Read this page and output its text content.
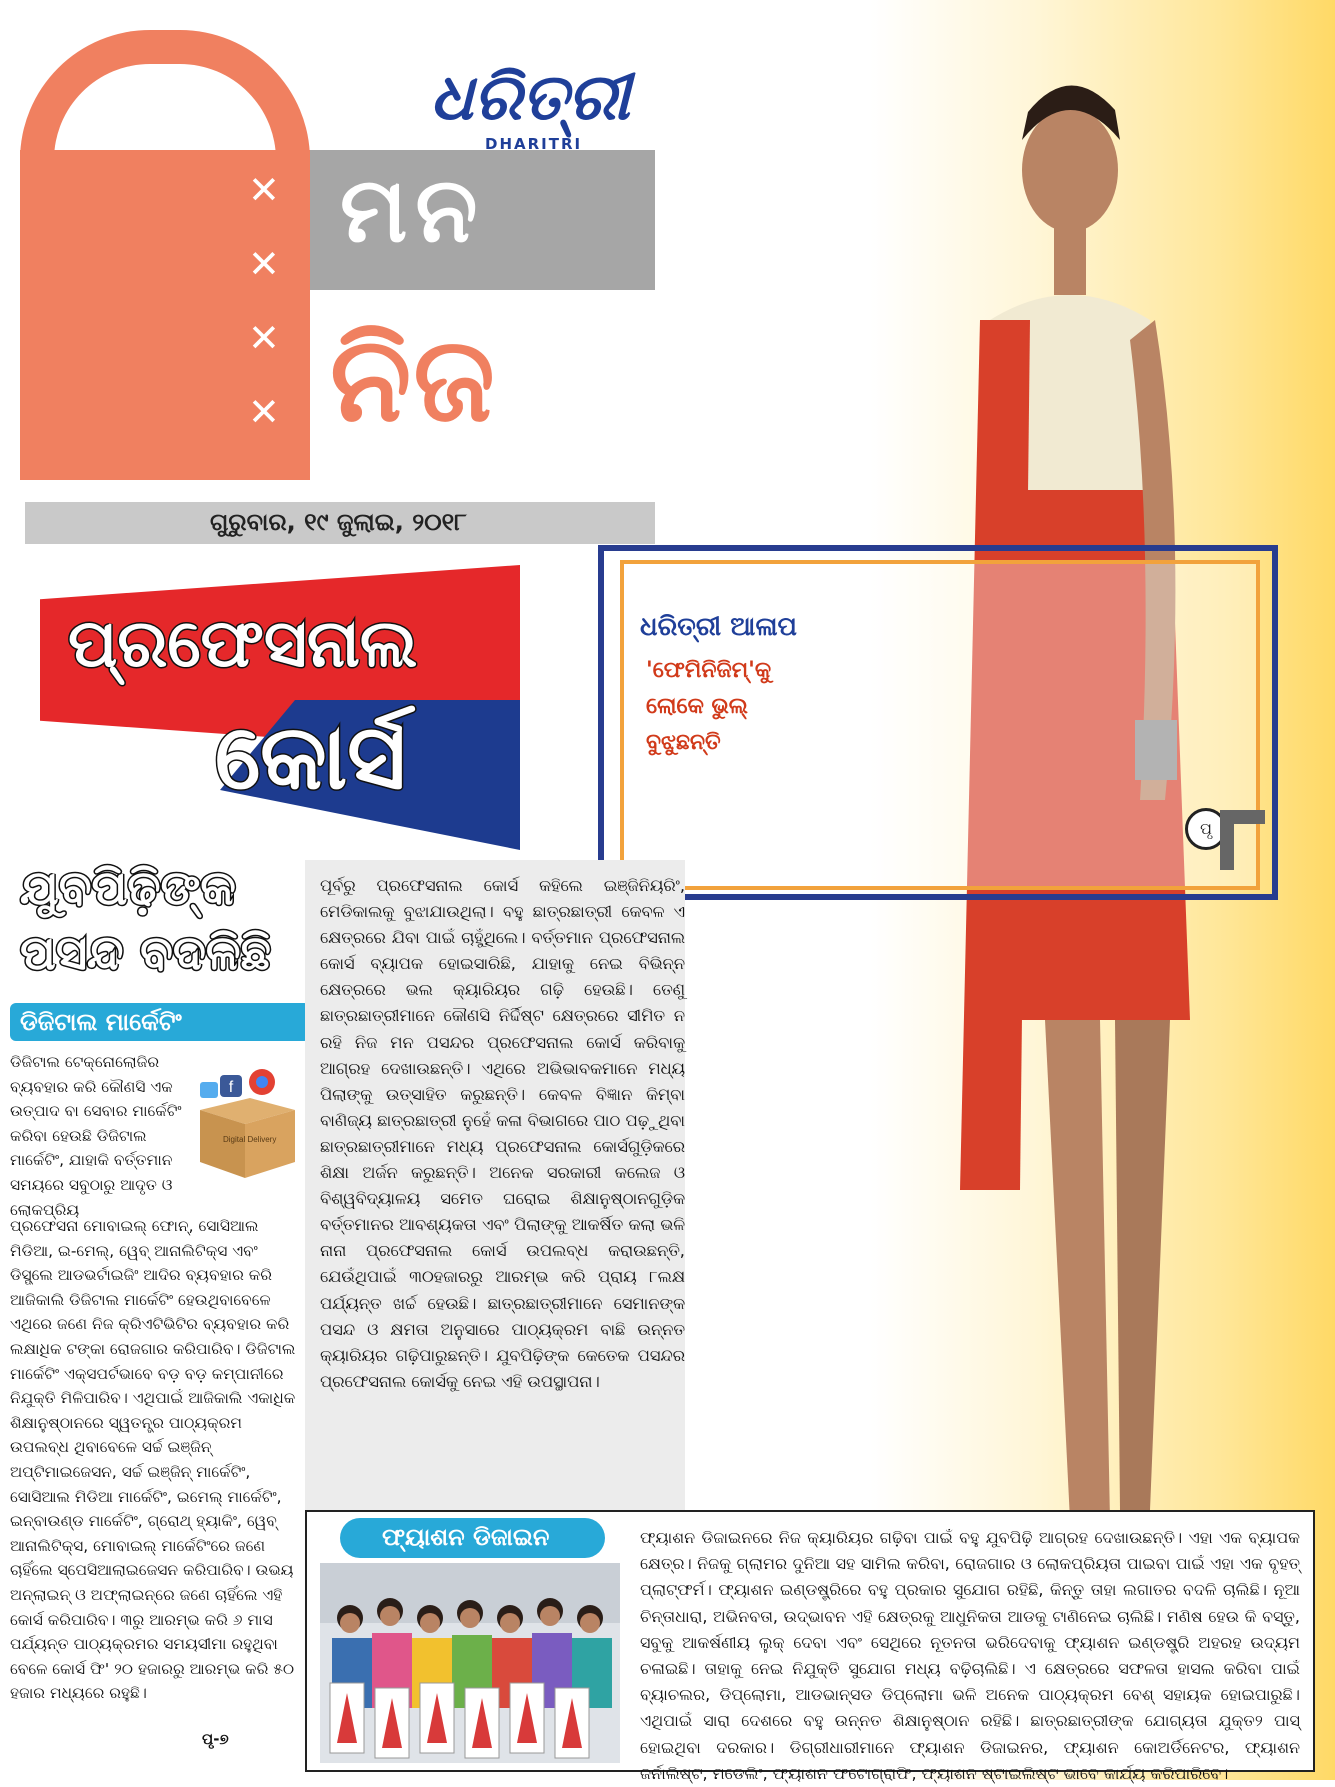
✕
✕
✕
✕
ମନ
ନିଜ
ଧରିତ୍ରୀ
DHARITRI
ଗୁରୁବାର, ୧୯ ଜୁଲାଇ, ୨୦୧୮
ପ୍ରଫେସନାଲ
କୋର୍ସ
ଧରିତ୍ରୀ ଆଳାପ
'ଫେମିନିଜିମ୍'କୁ
ଲୋକେ ଭୁଲ୍
ବୁଝୁଛନ୍ତି
ପୃ
ଯୁବପିଢ଼ିଙ୍କ
ପସନ୍ଦ ବଦଳିଛି
ଡିଜିଟାଲ ମାର୍କେଟିଂ
ଡିଜିଟାଲ ଟେକ୍ନୋଲୋଜିର ବ୍ୟବହାର କରି କୌଣସି ଏକ ଉତ୍ପାଦ ବା ସେବାର ମାର୍କେଟିଂ କରିବା ହେଉଛି ଡିଜିଟାଲ ମାର୍କେଟିଂ, ଯାହାକି ବର୍ତ୍ତମାନ ସମୟରେ ସବୁଠାରୁ ଆଦୃତ ଓ ଲୋକପ୍ରିୟ
f
Digital Delivery
ପ୍ରଫେସନା ମୋବାଇଲ୍ ଫୋନ୍, ସୋସିଆଲ ମିଡିଆ, ଇ-ମେଲ୍, ୱେବ୍ ଆନାଲିଟିକ୍ସ ଏବଂ ଡିସ୍ପ୍ଲେ ଆଡଭର୍ଟାଇଜିଂ ଆଦିର ବ୍ୟବହାର କରି ଆଜିକାଲି ଡିଜିଟାଲ ମାର୍କେଟିଂ ହେଉଥିବାବେଳେ ଏଥିରେ ଜଣେ ନିଜ କ୍ରିଏଟିଭିଟିର ବ୍ୟବହାର କରି ଲକ୍ଷାଧିକ ଟଙ୍କା ରୋଜଗାର କରିପାରିବ। ଡିଜିଟାଲ ମାର୍କେଟିଂ ଏକ୍ସପର୍ଟଭାବେ ବଡ଼ ବଡ଼ କମ୍ପାନୀରେ ନିଯୁକ୍ତି ମିଳିପାରିବ। ଏଥିପାଇଁ ଆଜିକାଲି ଏକାଧିକ ଶିକ୍ଷାନୁଷ୍ଠାନରେ ସ୍ୱତନ୍ତ୍ର ପାଠ୍ୟକ୍ରମ ଉପଲବ୍ଧ ଥିବାବେଳେ ସର୍ଚ୍ଚ ଇଞ୍ଜିନ୍ ଅପ୍ଟିମାଇଜେସନ, ସର୍ଚ୍ଚ ଇଞ୍ଜିନ୍ ମାର୍କେଟିଂ, ସୋସିଆଲ ମିଡିଆ ମାର୍କେଟିଂ, ଇମେଲ୍ ମାର୍କେଟିଂ, ଇନ୍‌ବାଉଣ୍ଡ ମାର୍କେଟିଂ, ଗ୍ରୋଥ୍ ହ୍ୟାକିଂ, ୱେବ୍ ଆନାଲିଟିକ୍ସ, ମୋବାଇଲ୍ ମାର୍କେଟିଂରେ ଜଣେ ଚାହିଁଲେ ସ୍ପେସିଆଲାଇଜେସନ କରିପାରିବ। ଉଭୟ ଅନ୍‌ଲାଇନ୍ ଓ ଅଫ୍‌ଲାଇନ୍‌ରେ ଜଣେ ଚାହିଁଲେ ଏହି କୋର୍ସ କରିପାରିବ। ୩ରୁ ଆରମ୍ଭ କରି ୬ ମାସ ପର୍ଯ୍ୟନ୍ତ ପାଠ୍ୟକ୍ରମର ସମୟସୀମା ରହୁଥିବା ବେଳେ କୋର୍ସ ଫି' ୨୦ ହଜାରରୁ ଆରମ୍ଭ କରି ୫୦ ହଜାର ମଧ୍ୟରେ ରହୁଛି।
ପୃ-୭
ପୂର୍ବରୁ ପ୍ରଫେସନାଲ କୋର୍ସ କହିଲେ ଇଞ୍ଜିନିୟରିଂ, ମେଡିକାଲକୁ ବୁଝାଯାଉଥିଲା। ବହୁ ଛାତ୍ରଛାତ୍ରୀ କେବଳ ଏ କ୍ଷେତ୍ରରେ ଯିବା ପାଇଁ ଚାହୁଁଥିଲେ। ବର୍ତ୍ତମାନ ପ୍ରଫେସନାଲ କୋର୍ସ ବ୍ୟାପକ ହୋଇସାରିଛି, ଯାହାକୁ ନେଇ ବିଭିନ୍ନ କ୍ଷେତ୍ରରେ ଭଲ କ୍ୟାରିୟର ଗଢ଼ି ହେଉଛି। ତେଣୁ ଛାତ୍ରଛାତ୍ରୀମାନେ କୌଣସି ନିର୍ଦ୍ଦିଷ୍ଟ କ୍ଷେତ୍ରରେ ସୀମିତ ନ ରହି ନିଜ ମନ ପସନ୍ଦର ପ୍ରଫେସନାଲ କୋର୍ସ କରିବାକୁ ଆଗ୍ରହ ଦେଖାଉଛନ୍ତି। ଏଥିରେ ଅଭିଭାବକମାନେ ମଧ୍ୟ ପିଲାଙ୍କୁ ଉତ୍ସାହିତ କରୁଛନ୍ତି। କେବଳ ବିଜ୍ଞାନ କିମ୍ବା ବାଣିଜ୍ୟ ଛାତ୍ରଛାତ୍ରୀ ନୁହେଁ କଳା ବିଭାଗରେ ପାଠ ପଢ଼ୁଥିବା ଛାତ୍ରଛାତ୍ରୀମାନେ ମଧ୍ୟ ପ୍ରଫେସନାଲ କୋର୍ସଗୁଡ଼ିକରେ ଶିକ୍ଷା ଅର୍ଜନ କରୁଛନ୍ତି। ଅନେକ ସରକାରୀ କଲେଜ ଓ ବିଶ୍ୱବିଦ୍ୟାଳୟ ସମେତ ଘରୋଇ ଶିକ୍ଷାନୁଷ୍ଠାନଗୁଡ଼ିକ ବର୍ତ୍ତମାନର ଆବଶ୍ୟକତା ଏବଂ ପିଲାଙ୍କୁ ଆକର୍ଷିତ କଲା ଭଳି ନାନା ପ୍ରଫେସନାଲ କୋର୍ସ ଉପଲବ୍ଧ କରାଉଛନ୍ତି, ଯେଉଁଥିପାଇଁ ୩୦ହଜାରରୁ ଆରମ୍ଭ କରି ପ୍ରାୟ ୮ଲକ୍ଷ ପର୍ଯ୍ୟନ୍ତ ଖର୍ଚ୍ଚ ହେଉଛି। ଛାତ୍ରଛାତ୍ରୀମାନେ ସେମାନଙ୍କ ପସନ୍ଦ ଓ କ୍ଷମତା ଅନୁସାରେ ପାଠ୍ୟକ୍ରମ ବାଛି ଉନ୍ନତ କ୍ୟାରିୟର ଗଢ଼ିପାରୁଛନ୍ତି। ଯୁବପିଢ଼ିଙ୍କ କେତେକ ପସନ୍ଦର ପ୍ରଫେସନାଲ କୋର୍ସକୁ ନେଇ ଏହି ଉପସ୍ଥାପନା।
ଫ୍ୟାଶନ ଡିଜାଇନ	ଫ୍ୟାଶନ ଡିଜାଇନରେ ନିଜ କ୍ୟାରିୟର ଗଢ଼ିବା ପାଇଁ ବହୁ ଯୁବପିଢ଼ି ଆଗ୍ରହ ଦେଖାଉଛନ୍ତି। ଏହା ଏକ ବ୍ୟାପକ କ୍ଷେତ୍ର। ନିଜକୁ ଗ୍ଲାମର ଦୁନିଆ ସହ ସାମିଲ କରିବା, ରୋଜଗାର ଓ ଲୋକପ୍ରିୟତା ପାଇବା ପାଇଁ ଏହା ଏକ ବୃହତ୍ ପ୍ଲାଟ୍‌ଫର୍ମ। ଫ୍ୟାଶନ ଇଣ୍ଡଷ୍ଟ୍ରିରେ ବହୁ ପ୍ରକାର ସୁଯୋଗ ରହିଛି, କିନ୍ତୁ ତାହା ଲଗାତର ବଦଳି ଚାଲିଛି। ନୂଆ ଚିନ୍ତାଧାରା, ଅଭିନବତା, ଉଦ୍ଭାବନ ଏହି କ୍ଷେତ୍ରକୁ ଆଧୁନିକତା ଆଡକୁ ଟାଣିନେଇ ଚାଲିଛି। ମଣିଷ ହେଉ କି ବସ୍ତୁ, ସବୁକୁ ଆକର୍ଷଣୀୟ ଲୁକ୍ ଦେବା ଏବଂ ସେଥିରେ ନୂତନତା ଭରିଦେବାକୁ ଫ୍ୟାଶନ ଇଣ୍ଡଷ୍ଟ୍ରି ଅହରହ ଉଦ୍ୟମ ଚଳାଇଛି। ତାହାକୁ ନେଇ ନିଯୁକ୍ତି ସୁଯୋଗ ମଧ୍ୟ ବଢ଼ିଚାଲିଛି। ଏ କ୍ଷେତ୍ରରେ ସଫଳତା ହାସଲ କରିବା ପାଇଁ ବ୍ୟାଚଲର, ଡିପ୍ଲୋମା, ଆଡଭାନ୍ସଡ ଡିପ୍ଲୋମା ଭଳି ଅନେକ ପାଠ୍ୟକ୍ରମ ବେଶ୍ ସହାୟକ ହୋଇପାରୁଛି। ଏଥିପାଇଁ ସାରା ଦେଶରେ ବହୁ ଉନ୍ନତ ଶିକ୍ଷାନୁଷ୍ଠାନ ରହିଛି। ଛାତ୍ରଛାତ୍ରୀଙ୍କ ଯୋଗ୍ୟତା ଯୁକ୍ତ୨ ପାସ୍ ହୋଇଥିବା ଦରକାର। ଡିଗ୍ରୀଧାରୀମାନେ ଫ୍ୟାଶନ ଡିଜାଇନର, ଫ୍ୟାଶନ କୋଅର୍ଡିନେଟର, ଫ୍ୟାଶନ ଜର୍ନାଲିଷ୍ଟ, ମଡେଲିଂ, ଫ୍ୟାଶନ ଫଟୋଗ୍ରାଫି, ଫ୍ୟାଶନ ଷ୍ଟାଇଲିଷ୍ଟ ଭାବେ କାର୍ଯ୍ୟ କରିପାରିବେ।
